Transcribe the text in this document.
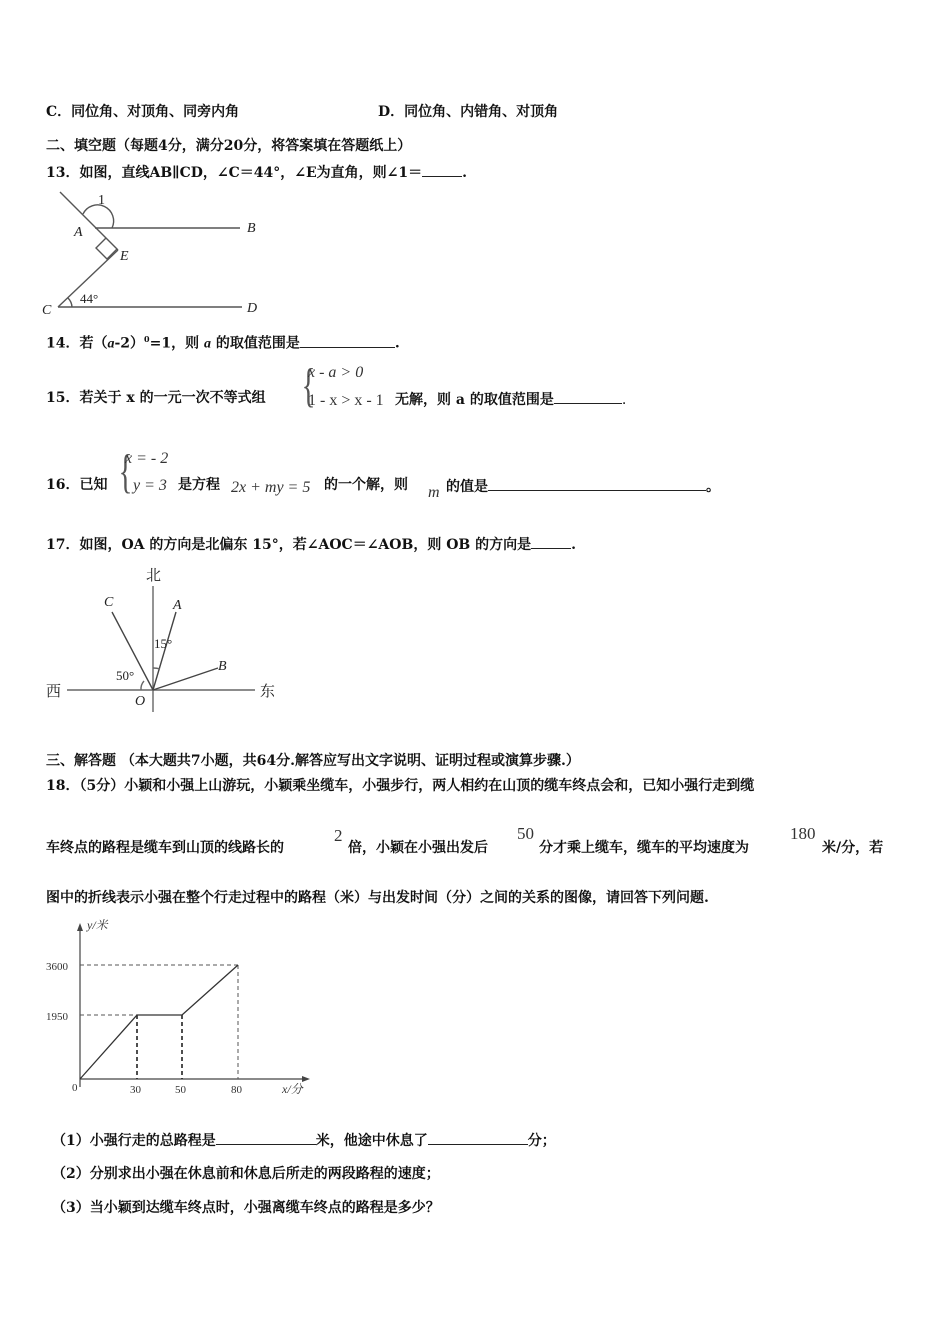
C．同位角、对顶角、同旁内角	D．同位角、内错角、对顶角
二、填空题（每题4分，满分20分，将答案填在答题纸上）
13．如图，直线AB∥CD，∠C＝44°，∠E为直角，则∠1＝	.
1
A	B
E
C	D
44°
14．若$(a-2)^0=1$，则 a 的取值范围是	.
15．若关于 x 的一元一次不等式组 {
x - a > 0
1 - x > x - 1 无解，则 a 的取值范围是	.
16．已知 {
x = - 2
y = 3 是方程 2x + my = 5 的一个解，则 m 的值是	。
17．如图，OA 的方向是北偏东 15°，若∠AOC＝∠AOB，则 OB 的方向是	.
北
西	东
O
A
C
B
15°
50°
三、解答题 （本大题共7小题，共64分.解答应写出文字说明、证明过程或演算步骤.）
18．（5分）小颖和小强上山游玩，小颖乘坐缆车，小强步行，两人相约在山顶的缆车终点会和，已知小强行走到缆
车终点的路程是缆车到山顶的线路长的
2
倍，小颖在小强出发后
50
分才乘上缆车，缆车的平均速度为
180
米/分，若
图中的折线表示小强在整个行走过程中的路程（米）与出发时间（分）之间的关系的图像，请回答下列问题.
y/米
3600
1950
0	30	50	80	x/分
（1）小强行走的总路程是	米，他途中休息了	分；
（2）分别求出小强在休息前和休息后所走的两段路程的速度；
（3）当小颖到达缆车终点时，小强离缆车终点的路程是多少？
